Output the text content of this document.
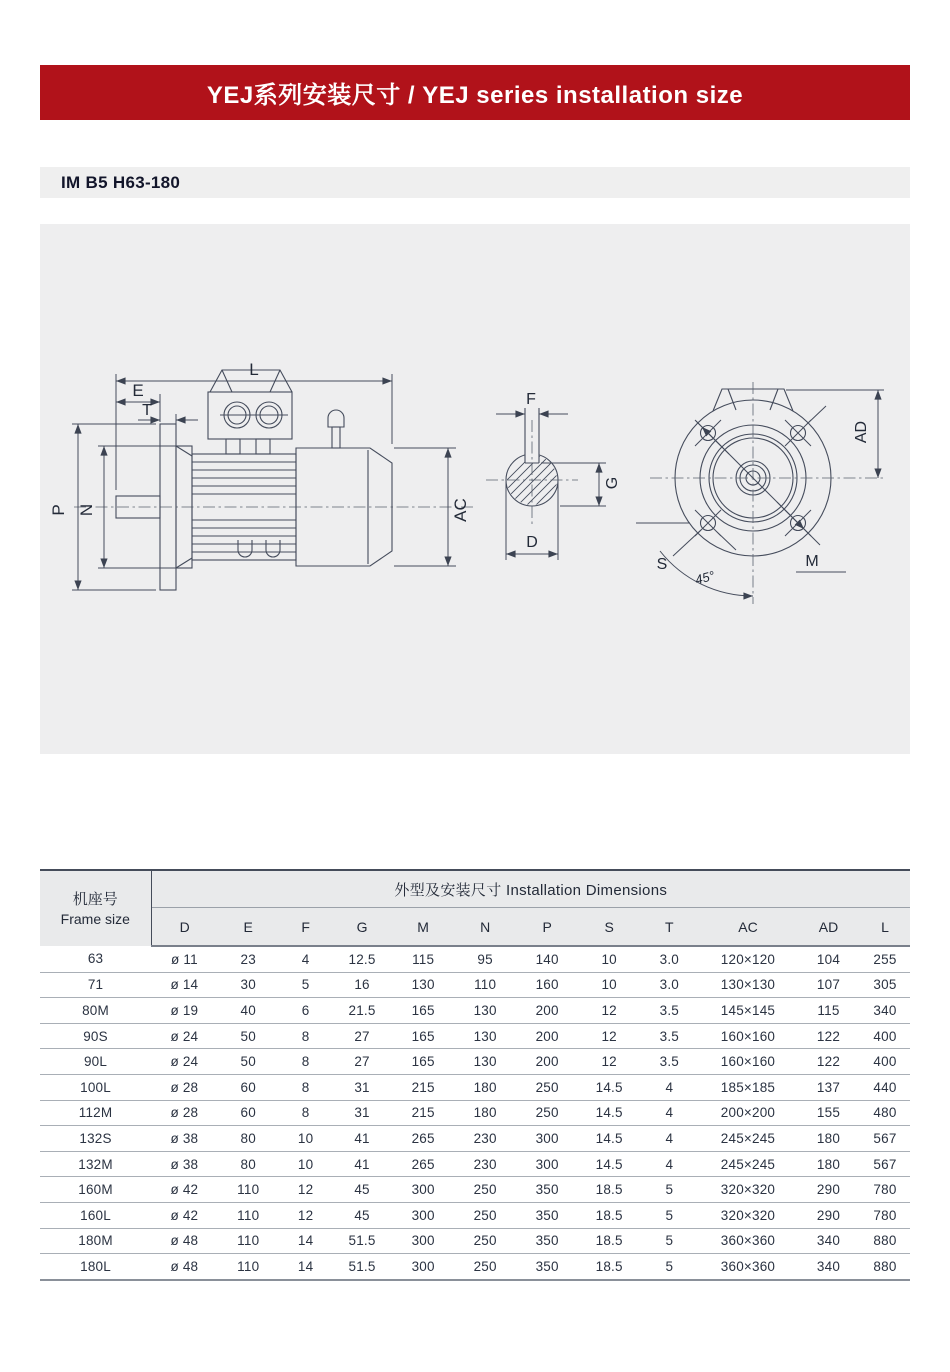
YEJ系列安装尺寸 / YEJ series installation size
IM B5 H63-180
L
E
T
P N	AC
F
G
D
M
S
45°
AD
机座号
Frame size	外型及安装尺寸 Installation Dimensions											
	D	E	F	G	M	N	P	S	T	AC	AD	L
63	ø 11	23	4	12.5	115	95	140	10	3.0	120×120	104	255
71	ø 14	30	5	16	130	110	160	10	3.0	130×130	107	305
80M	ø 19	40	6	21.5	165	130	200	12	3.5	145×145	115	340
90S	ø 24	50	8	27	165	130	200	12	3.5	160×160	122	400
90L	ø 24	50	8	27	165	130	200	12	3.5	160×160	122	400
100L	ø 28	60	8	31	215	180	250	14.5	4	185×185	137	440
112M	ø 28	60	8	31	215	180	250	14.5	4	200×200	155	480
132S	ø 38	80	10	41	265	230	300	14.5	4	245×245	180	567
132M	ø 38	80	10	41	265	230	300	14.5	4	245×245	180	567
160M	ø 42	110	12	45	300	250	350	18.5	5	320×320	290	780
160L	ø 42	110	12	45	300	250	350	18.5	5	320×320	290	780
180M	ø 48	110	14	51.5	300	250	350	18.5	5	360×360	340	880
180L	ø 48	110	14	51.5	300	250	350	18.5	5	360×360	340	880
